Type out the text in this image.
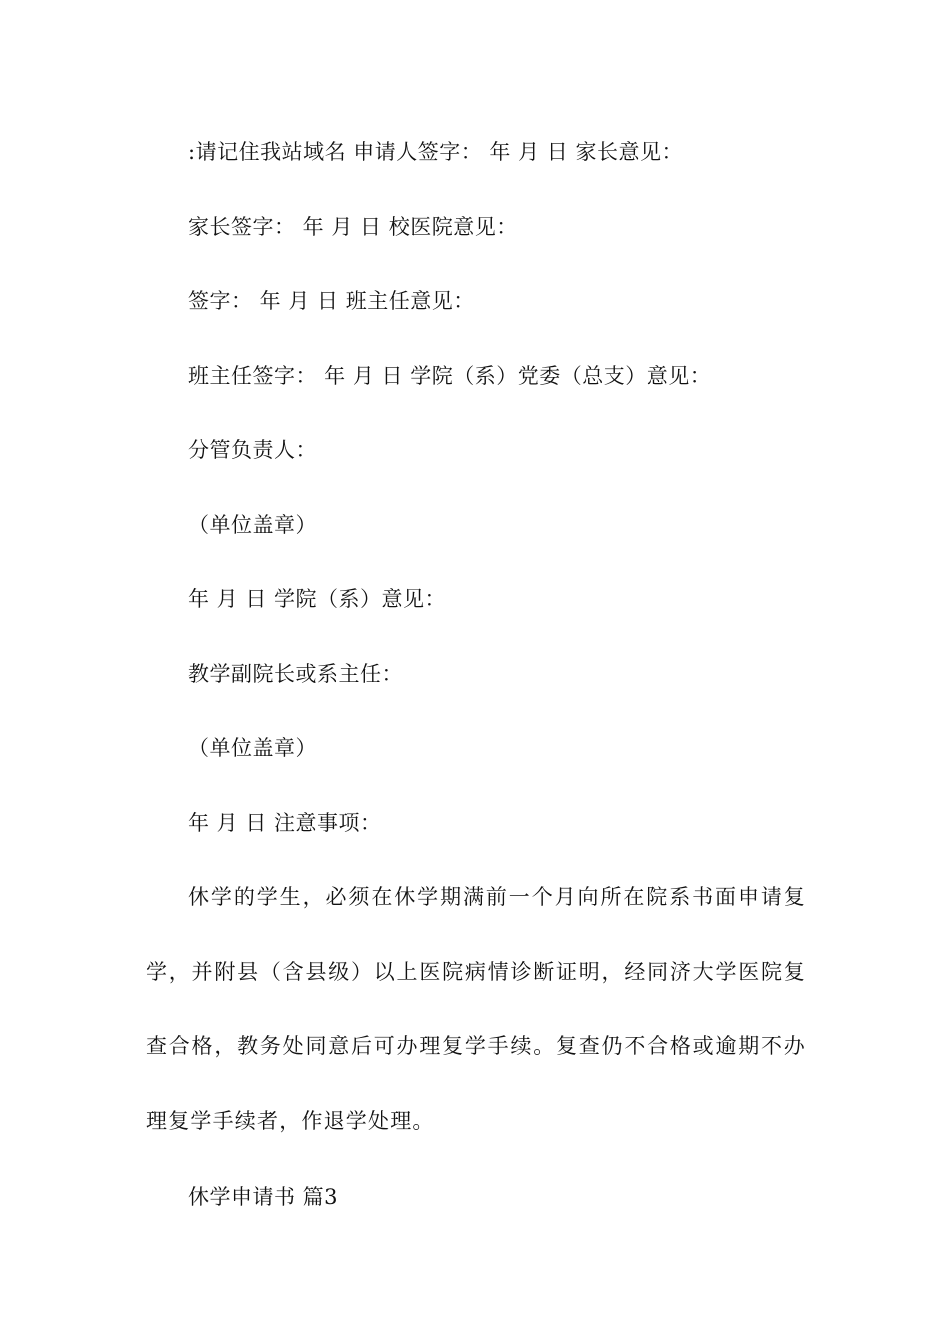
:请记住我站域名 申请人签字： 年 月 日 家长意见：
家长签字： 年 月 日 校医院意见：
签字： 年 月 日 班主任意见：
班主任签字： 年 月 日 学院（系）党委（总支）意见：
分管负责人：
（单位盖章）
年 月 日 学院（系）意见：
教学副院长或系主任：
（单位盖章）
年 月 日 注意事项：

休学的学生，必须在休学期满前一个月向所在院系书面申请复学，并附县（含县级）以上医院病情诊断证明，经同济大学医院复查合格，教务处同意后可办理复学手续。复查仍不合格或逾期不办理复学手续者，作退学处理。

休学申请书 篇3
